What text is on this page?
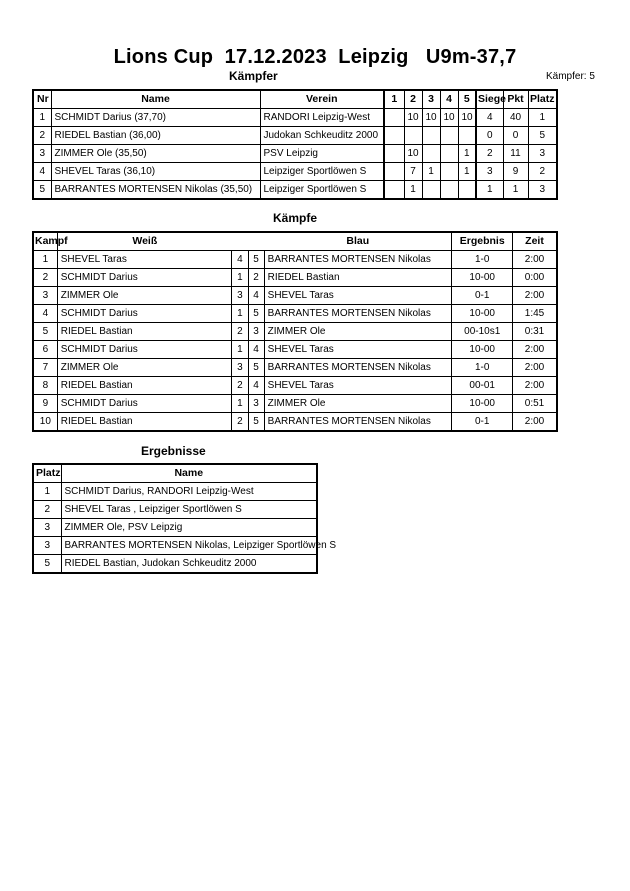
Lions Cup  17.12.2023  Leipzig   U9m-37,7
Kämpfer	Kämpfer: 5
Nr	Name	Verein	1	2	3	4	5	Siege	Pkt	Platz
1	SCHMIDT Darius (37,70)	RANDORI Leipzig-West		10	10	10	10	4	40	1
2	RIEDEL Bastian (36,00)	Judokan Schkeuditz 2000						0	0	5
3	ZIMMER Ole (35,50)	PSV Leipzig		10			1	2	11	3
4	SHEVEL Taras (36,10)	Leipziger Sportlöwen S		7	1		1	3	9	2
5	BARRANTES MORTENSEN Nikolas (35,50)	Leipziger Sportlöwen S		1				1	1	3
Kämpfe
Kampf	Weiß			Blau	Ergebnis	Zeit
1	SHEVEL Taras	4	5	BARRANTES MORTENSEN Nikolas	1-0	2:00
2	SCHMIDT Darius	1	2	RIEDEL Bastian	10-00	0:00
3	ZIMMER Ole	3	4	SHEVEL Taras	0-1	2:00
4	SCHMIDT Darius	1	5	BARRANTES MORTENSEN Nikolas	10-00	1:45
5	RIEDEL Bastian	2	3	ZIMMER Ole	00-10s1	0:31
6	SCHMIDT Darius	1	4	SHEVEL Taras	10-00	2:00
7	ZIMMER Ole	3	5	BARRANTES MORTENSEN Nikolas	1-0	2:00
8	RIEDEL Bastian	2	4	SHEVEL Taras	00-01	2:00
9	SCHMIDT Darius	1	3	ZIMMER Ole	10-00	0:51
10	RIEDEL Bastian	2	5	BARRANTES MORTENSEN Nikolas	0-1	2:00
Ergebnisse
Platz	Name
1	SCHMIDT Darius, RANDORI Leipzig-West
2	SHEVEL Taras , Leipziger Sportlöwen S
3	ZIMMER Ole, PSV Leipzig
3	BARRANTES MORTENSEN Nikolas, Leipziger Sportlöwen S
5	RIEDEL Bastian, Judokan Schkeuditz 2000
